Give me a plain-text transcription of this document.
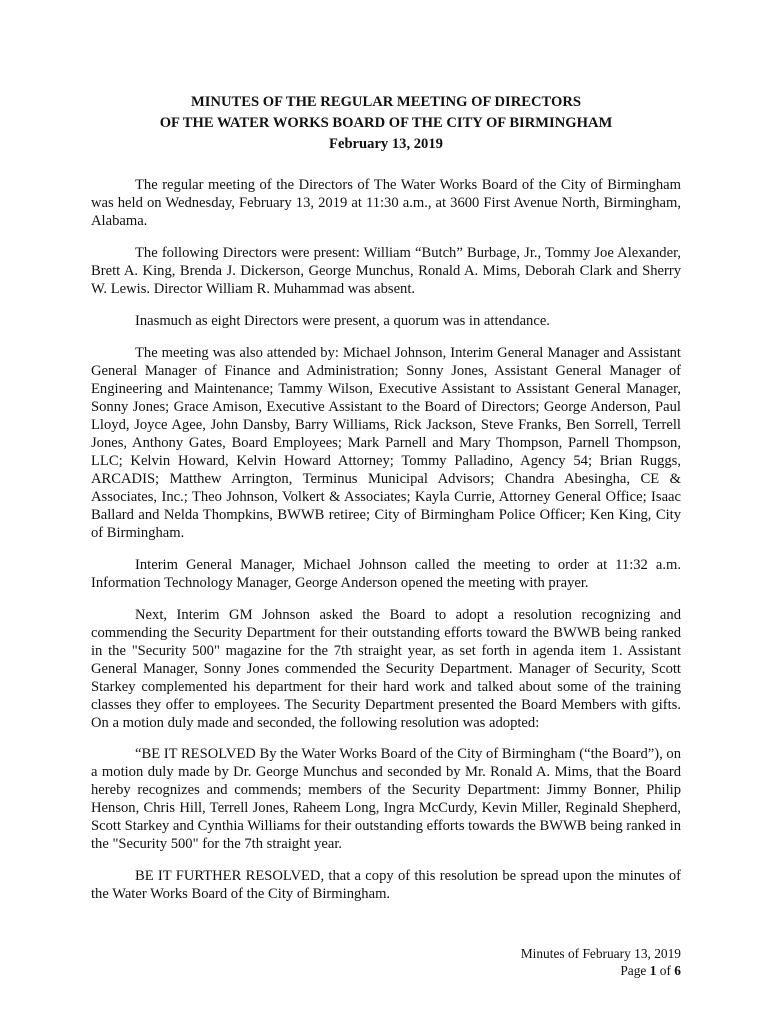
MINUTES OF THE REGULAR MEETING OF DIRECTORS
OF THE WATER WORKS BOARD OF THE CITY OF BIRMINGHAM
February 13, 2019

The regular meeting of the Directors of The Water Works Board of the City of Birmingham was held on Wednesday, February 13, 2019 at 11:30 a.m., at 3600 First Avenue North, Birmingham, Alabama.

The following Directors were present: William “Butch” Burbage, Jr., Tommy Joe Alexander, Brett A. King, Brenda J. Dickerson, George Munchus, Ronald A. Mims, Deborah Clark and Sherry W. Lewis. Director William R. Muhammad was absent.

Inasmuch as eight Directors were present, a quorum was in attendance.

The meeting was also attended by: Michael Johnson, Interim General Manager and Assistant General Manager of Finance and Administration; Sonny Jones, Assistant General Manager of Engineering and Maintenance; Tammy Wilson, Executive Assistant to Assistant General Manager, Sonny Jones; Grace Amison, Executive Assistant to the Board of Directors; George Anderson, Paul Lloyd, Joyce Agee, John Dansby, Barry Williams, Rick Jackson, Steve Franks, Ben Sorrell, Terrell Jones, Anthony Gates, Board Employees; Mark Parnell and Mary Thompson, Parnell Thompson, LLC; Kelvin Howard, Kelvin Howard Attorney; Tommy Palladino, Agency 54; Brian Ruggs, ARCADIS; Matthew Arrington, Terminus Municipal Advisors; Chandra Abesingha, CE & Associates, Inc.; Theo Johnson, Volkert & Associates; Kayla Currie, Attorney General Office; Isaac Ballard and Nelda Thompkins, BWWB retiree; City of Birmingham Police Officer; Ken King, City of Birmingham.

Interim General Manager, Michael Johnson called the meeting to order at 11:32 a.m. Information Technology Manager, George Anderson opened the meeting with prayer.

Next, Interim GM Johnson asked the Board to adopt a resolution recognizing and commending the Security Department for their outstanding efforts toward the BWWB being ranked in the "Security 500" magazine for the 7th straight year, as set forth in agenda item 1. Assistant General Manager, Sonny Jones commended the Security Department. Manager of Security, Scott Starkey complemented his department for their hard work and talked about some of the training classes they offer to employees. The Security Department presented the Board Members with gifts. On a motion duly made and seconded, the following resolution was adopted:

“BE IT RESOLVED By the Water Works Board of the City of Birmingham (“the Board”), on a motion duly made by Dr. George Munchus and seconded by Mr. Ronald A. Mims, that the Board hereby recognizes and commends; members of the Security Department: Jimmy Bonner, Philip Henson, Chris Hill, Terrell Jones, Raheem Long, Ingra McCurdy, Kevin Miller, Reginald Shepherd, Scott Starkey and Cynthia Williams for their outstanding efforts towards the BWWB being ranked in the "Security 500" for the 7th straight year.

BE IT FURTHER RESOLVED, that a copy of this resolution be spread upon the minutes of the Water Works Board of the City of Birmingham.

Minutes of February 13, 2019
Page 1 of 6
